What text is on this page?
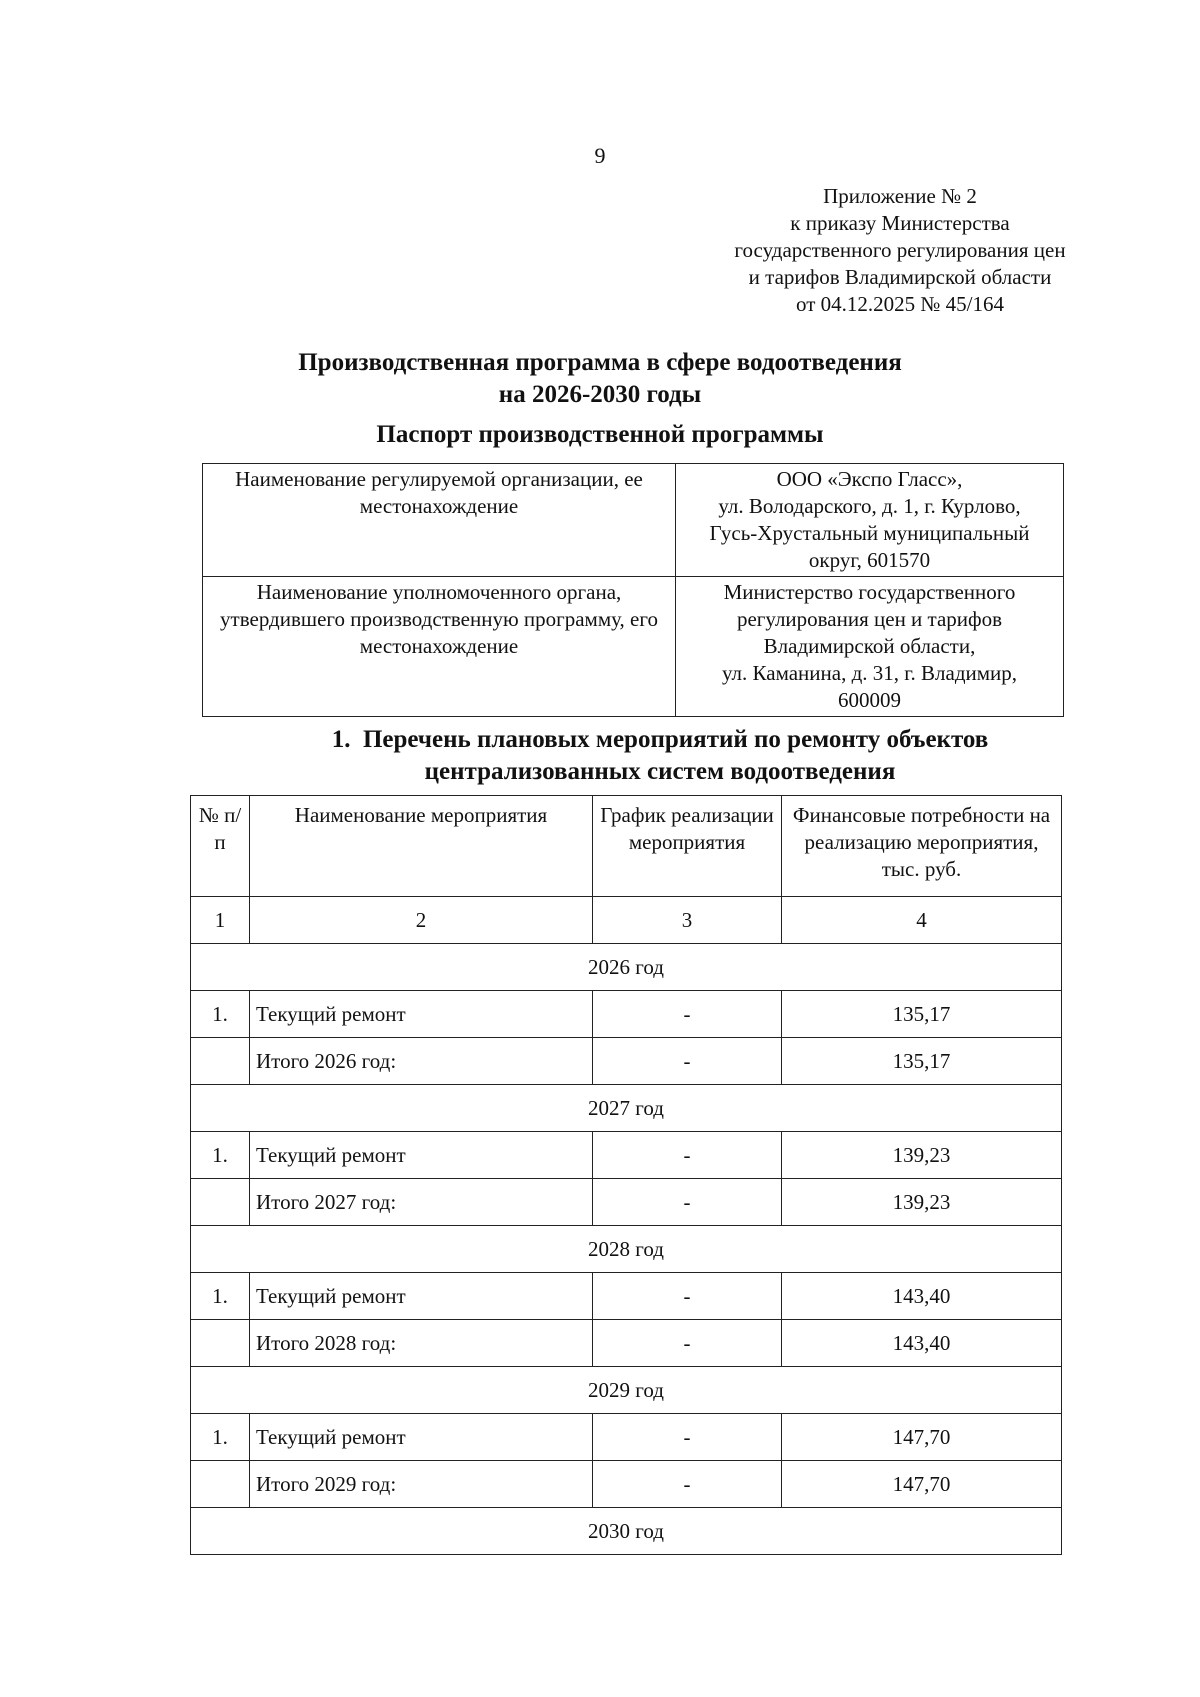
9
Приложение № 2
к приказу Министерства
государственного регулирования цен
и тарифов Владимирской области
от 04.12.2025 № 45/164
Производственная программа в сфере водоотведения
на 2026-2030 годы
Паспорт производственной программы
Наименование регулируемой организации, ее местонахождение	ООО «Экспо Гласс»,
ул. Володарского, д. 1, г. Курлово,
Гусь-Хрустальный муниципальный
округ, 601570

Наименование уполномоченного органа, утвердившего производственную программу, его местонахождение	Министерство государственного
регулирования цен и тарифов
Владимирской области,
ул. Каманина, д. 31, г. Владимир,
600009
1. Перечень плановых мероприятий по ремонту объектов
централизованных систем водоотведения
№ п/п	Наименование мероприятия	График реализации мероприятия	Финансовые потребности на реализацию мероприятия, тыс. руб.
1	2	3	4
2026 год			
1.	Текущий ремонт	-	135,17
	Итого 2026 год:	-	135,17
2027 год			
1.	Текущий ремонт	-	139,23
	Итого 2027 год:	-	139,23
2028 год			
1.	Текущий ремонт	-	143,40
	Итого 2028 год:	-	143,40
2029 год			
1.	Текущий ремонт	-	147,70
	Итого 2029 год:	-	147,70
2030 год			
